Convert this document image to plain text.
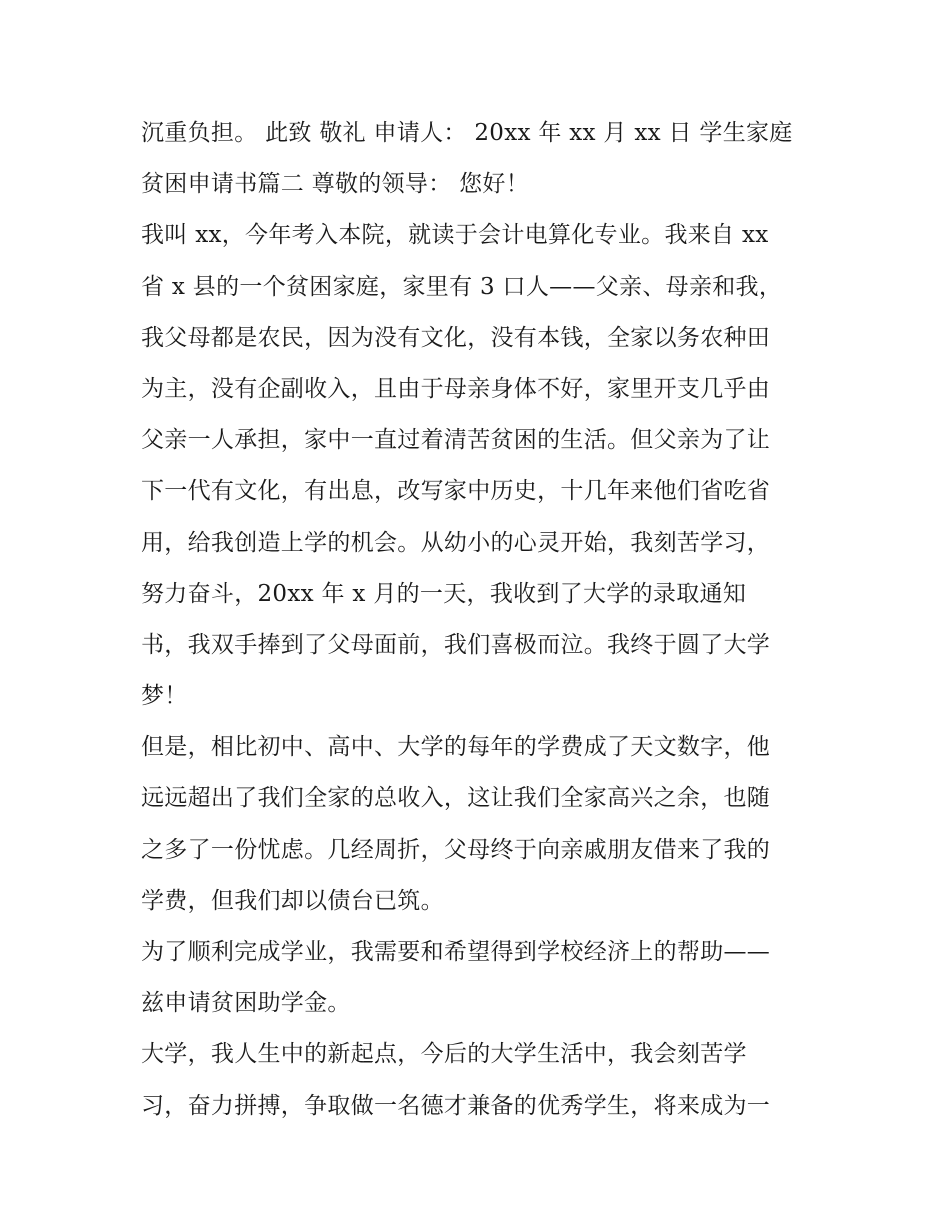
沉重负担。 此致 敬礼 申请人： 20xx 年 xx 月 xx 日 学生家庭
贫困申请书篇二 尊敬的领导： 您好！
我叫 xx，今年考入本院，就读于会计电算化专业。我来自 xx
省 x 县的一个贫困家庭，家里有 3 口人——父亲、母亲和我，
我父母都是农民，因为没有文化，没有本钱，全家以务农种田
为主，没有企副收入，且由于母亲身体不好，家里开支几乎由
父亲一人承担，家中一直过着清苦贫困的生活。但父亲为了让
下一代有文化，有出息，改写家中历史，十几年来他们省吃省
用，给我创造上学的机会。从幼小的心灵开始，我刻苦学习，
努力奋斗，20xx 年 x 月的一天，我收到了大学的录取通知
书，我双手捧到了父母面前，我们喜极而泣。我终于圆了大学
梦！
但是，相比初中、高中、大学的每年的学费成了天文数字，他
远远超出了我们全家的总收入，这让我们全家高兴之余，也随
之多了一份忧虑。几经周折，父母终于向亲戚朋友借来了我的
学费，但我们却以债台已筑。
为了顺利完成学业，我需要和希望得到学校经济上的帮助——
兹申请贫困助学金。
大学，我人生中的新起点，今后的大学生活中，我会刻苦学
习，奋力拼搏，争取做一名德才兼备的优秀学生，将来成为一
